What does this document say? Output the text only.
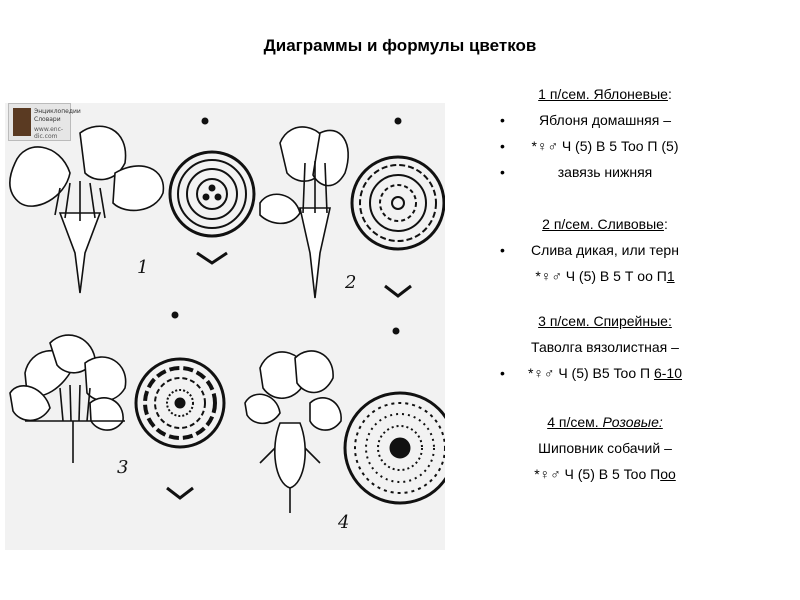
Диаграммы и формулы цветков
1
2
3
4
Энциклопедии
Словари
www.enc-dic.com
1 п/сем. Яблоневые:
•	Яблоня домашняя –
•	*♀♂ Ч (5) В 5 Too П (5)
•	завязь нижняя
2 п/сем. Сливовые:
•	Слива дикая, или терн
*♀♂ Ч (5) В 5 Т оо П1
3 п/сем. Спирейные:
Таволга вязолистная –
•	*♀♂ Ч (5) В5 Too П 6-10
4 п/сем. Розовые:
Шиповник собачий –
*♀♂ Ч (5) В 5 Too Пoo
